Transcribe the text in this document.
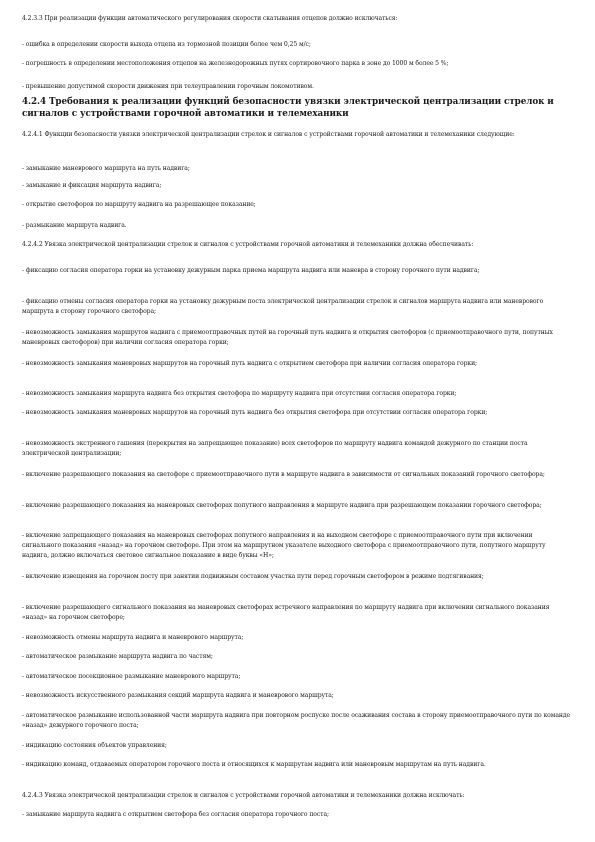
4.2.3.3 При реализации функции автоматического регулирования скорости скатывания отцепов должно исключаться:

- ошибка в определении скорости выхода отцепа из тормозной позиции более чем 0,25 м/с;

- погрешность в определении местоположения отцепов на железнодорожных путях сортировочного парка в зоне до 1000 м более 5 %;

- превышение допустимой скорости движения при телеуправлении горочным локомотивом.

4.2.4 Требования к реализации функций безопасности увязки электрической централизации стрелок и сигналов с устройствами горочной автоматики и телемеханики

4.2.4.1 Функции безопасности увязки электрической централизации стрелок и сигналов с устройствами горочной автоматики и телемеханики следующие:

- замыкание маневрового маршрута на путь надвига;

- замыкание и фиксация маршрута надвига;

- открытие светофоров по маршруту надвига на разрешающее показание;

- размыкание маршрута надвига.

4.2.4.2 Увязка электрической централизации стрелок и сигналов с устройствами горочной автоматики и телемеханики должна обеспечивать:

- фиксацию согласия оператора горки на установку дежурным парка приема маршрута надвига или маневра в сторону горочного пути надвига;

- фиксацию отмены согласия оператора горки на установку дежурным поста электрической централизации стрелок и сигналов маршрута надвига или маневрового маршрута в сторону горочного светофора;

- невозможность замыкания маршрутов надвига с приемоотправочных путей на горочный путь надвига и открытия светофоров (с приемоотправочного пути, попутных маневровых светофоров) при наличии согласия оператора горки;

- невозможность замыкания маневровых маршрутов на горочный путь надвига с открытием светофора при наличии согласия оператора горки;

- невозможность замыкания маршрута надвига без открытия светофора по маршруту надвига при отсутствии согласия оператора горки;

- невозможность замыкания маневровых маршрутов на горочный путь надвига без открытия светофора при отсутствии согласия оператора горки;

- невозможность экстренного гашения (перекрытия на запрещающее показание) всех светофоров по маршруту надвига командой дежурного по станции поста электрической централизации;

- включение разрешающего показания на светофоре с приемоотправочного пути в маршруте надвига в зависимости от сигнальных показаний горочного светофора;

- включение разрешающего показания на маневровых светофорах попутного направления в маршруте надвига при разрешающем показании горочного светофора;

- включение запрещающего показания на маневровых светофорах попутного направления и на выходном светофоре с приемоотправочного пути при включении сигнального показания «назад» на горочном светофоре. При этом на маршрутном указателе выходного светофора с приемоотправочного пути, попутного маршруту надвига, должно включаться световое сигнальное показание в виде буквы «Н»;

- включение извещения на горочном посту при занятии подвижным составом участка пути перед горочным светофором в режиме подтягивания;

- включение разрешающего сигнального показания на маневровых светофорах встречного направления по маршруту надвига при включении сигнального показания «назад» на горочном светофоре;

- невозможность отмены маршрута надвига и маневрового маршрута;

- автоматическое размыкание маршрута надвига по частям;

- автоматическое посекционное размыкание маневрового маршрута;

- невозможность искусственного размыкания секций маршрута надвига и маневрового маршрута;

- автоматическое размыкание использованной части маршрута надвига при повторном роспуске после осаживания состава в сторону приемоотправочного пути по команде «назад» дежурного горочного поста;

- индикацию состояния объектов управления;

- индикацию команд, отдаваемых оператором горочного поста и относящихся к маршрутам надвига или маневровым маршрутам на путь надвига.

4.2.4.3 Увязка электрической централизации стрелок и сигналов с устройствами горочной автоматики и телемеханики должна исключать:

- замыкание маршрута надвига с открытием светофора без согласия оператора горочного поста;
